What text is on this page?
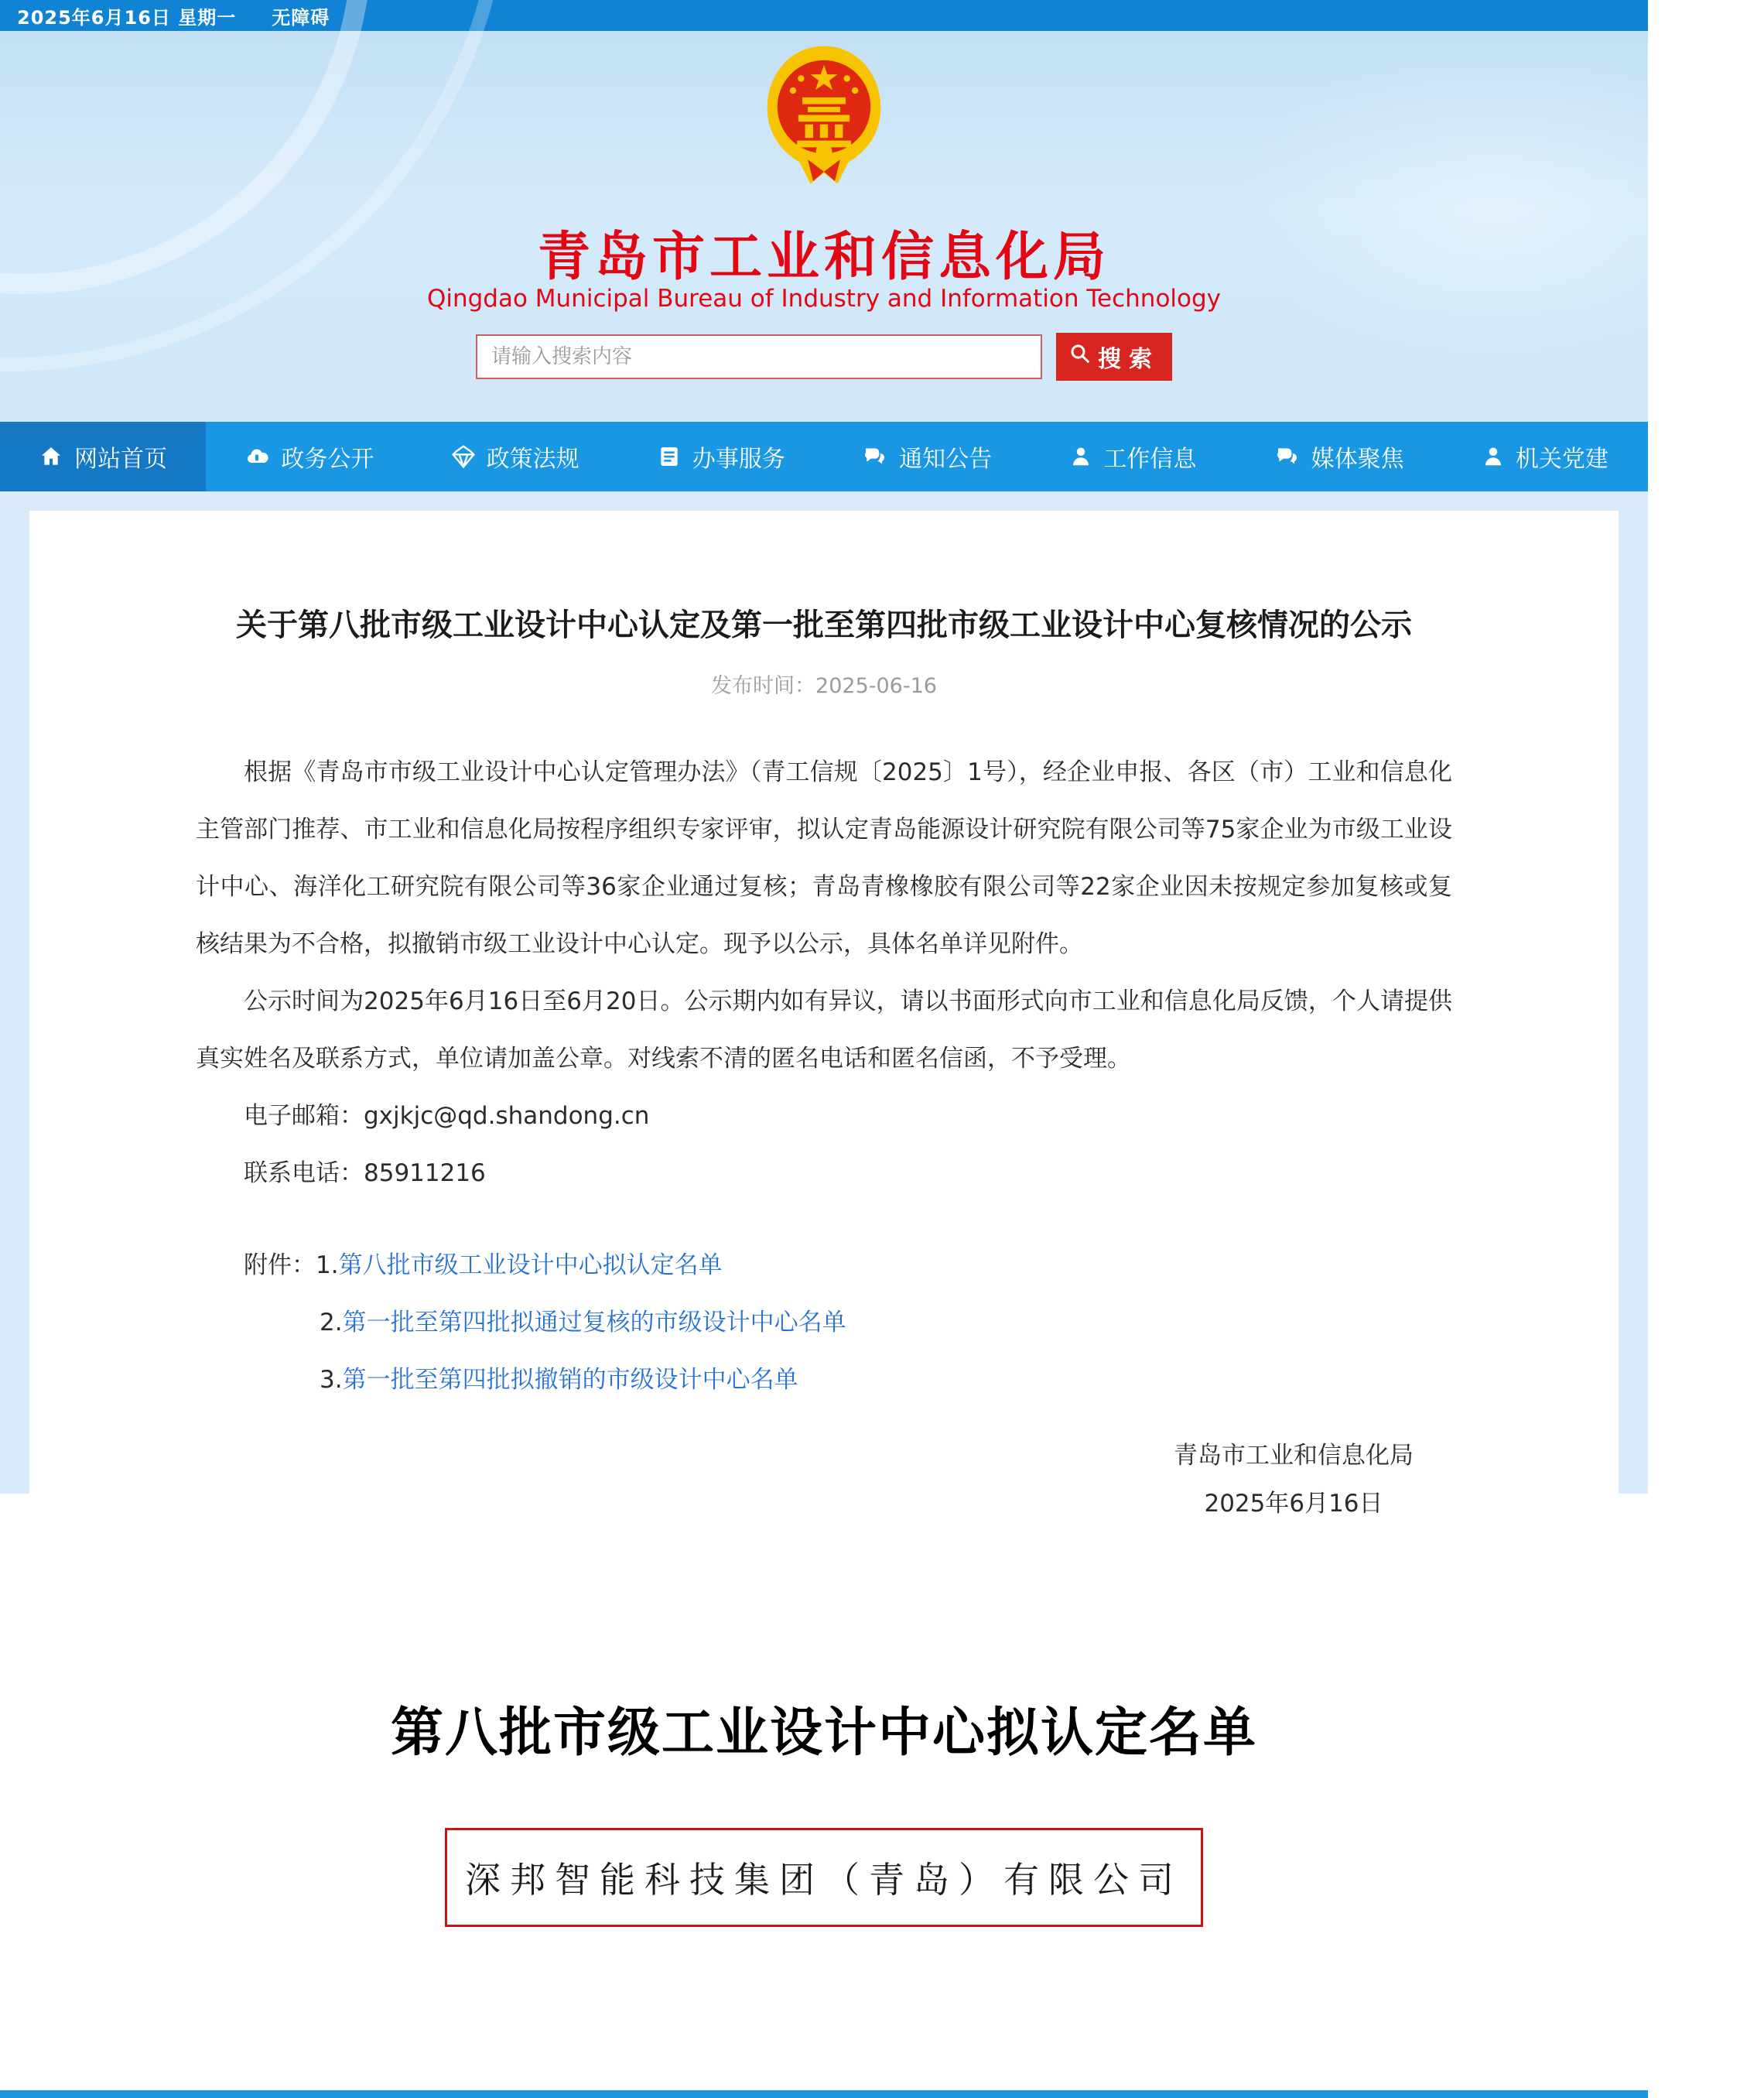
2025年6月16日 星期一 无障碍
青岛市工业和信息化局
Qingdao Municipal Bureau of Industry and Information Technology
请输入搜索内容
搜索
网站首页	政务公开	政策法规	办事服务	通知公告	工作信息	媒体聚焦	机关党建
关于第八批市级工业设计中心认定及第一批至第四批市级工业设计中心复核情况的公示
发布时间：2025-06-16

根据《青岛市市级工业设计中心认定管理办法》（青工信规〔2025〕1号），经企业申报、各区（市）工业和信息化主管部门推荐、市工业和信息化局按程序组织专家评审，拟认定青岛能源设计研究院有限公司等75家企业为市级工业设计中心、海洋化工研究院有限公司等36家企业通过复核；青岛青橡橡胶有限公司等22家企业因未按规定参加复核或复核结果为不合格，拟撤销市级工业设计中心认定。现予以公示，具体名单详见附件。

公示时间为2025年6月16日至6月20日。公示期内如有异议，请以书面形式向市工业和信息化局反馈，个人请提供真实姓名及联系方式，单位请加盖公章。对线索不清的匿名电话和匿名信函，不予受理。

电子邮箱：gxjkjc@qd.shandong.cn
联系电话：85911216
附件：1.第八批市级工业设计中心拟认定名单
2.第一批至第四批拟通过复核的市级设计中心名单
3.第一批至第四批拟撤销的市级设计中心名单
青岛市工业和信息化局
2025年6月16日
第八批市级工业设计中心拟认定名单
深邦智能科技集团（青岛）有限公司
